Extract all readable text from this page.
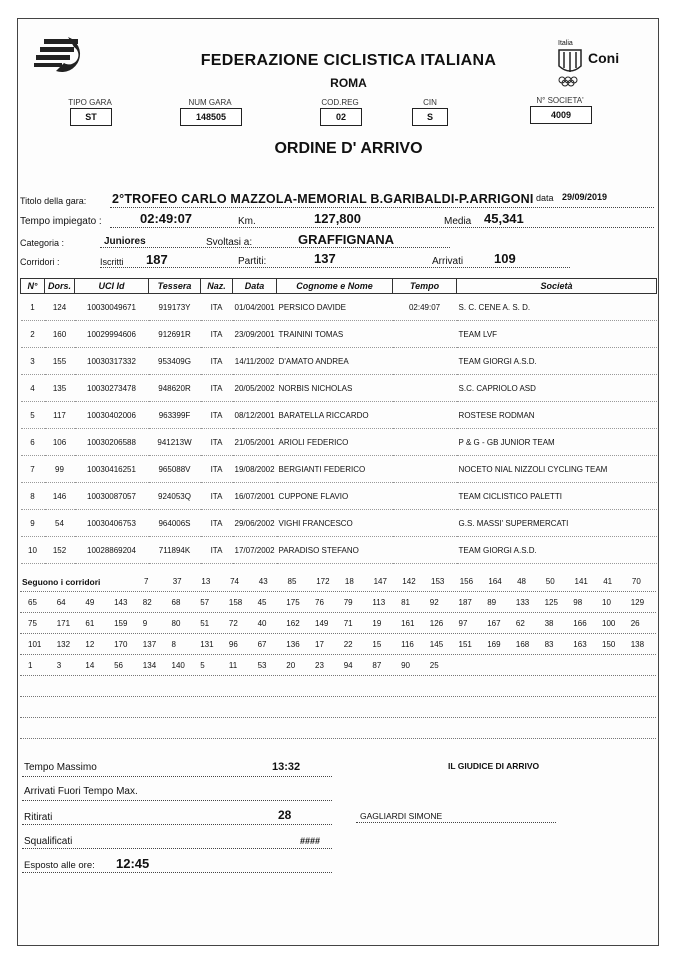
Italia
Coni
FEDERAZIONE CICLISTICA ITALIANA
ROMA
TIPO GARA
ST
NUM GARA
148505
COD.REG
02
CIN
S
N° SOCIETA'
4009
ORDINE D' ARRIVO
Titolo della gara: 2°TROFEO CARLO MAZZOLA-MEMORIAL B.GARIBALDI-P.ARRIGONI data 29/09/2019
Tempo impiegato :	02:49:07	Km.	127,800	Media 45,341
Categoria :	Juniores	Svoltasi a:	GRAFFIGNANA
Corridori :	Iscritti 187	Partiti:	137	Arrivati 109
N°	Dors.	UCI Id	Tessera	Naz.	Data	Cognome e Nome	Tempo	Società
1	124	10030049671	919173Y	ITA	01/04/2001	PERSICO DAVIDE	02:49:07	S. C. CENE A. S. D.
2	160	10029994606	912691R	ITA	23/09/2001	TRAININI TOMAS		TEAM LVF
3	155	10030317332	953409G	ITA	14/11/2002	D'AMATO ANDREA		TEAM GIORGI A.S.D.
4	135	10030273478	948620R	ITA	20/05/2002	NORBIS NICHOLAS		S.C. CAPRIOLO ASD
5	117	10030402006	963399F	ITA	08/12/2001	BARATELLA RICCARDO		ROSTESE RODMAN
6	106	10030206588	941213W	ITA	21/05/2001	ARIOLI FEDERICO		P & G - GB JUNIOR TEAM
7	99	10030416251	965088V	ITA	19/08/2002	BERGIANTI FEDERICO		NOCETO NIAL NIZZOLI CYCLING TEAM
8	146	10030087057	924053Q	ITA	16/07/2001	CUPPONE FLAVIO		TEAM CICLISTICO PALETTI
9	54	10030406753	964006S	ITA	29/06/2002	VIGHI FRANCESCO		G.S. MASSI' SUPERMERCATI
10	152	10028869204	711894K	ITA	17/07/2002	PARADISO STEFANO		TEAM GIORGI A.S.D.
Seguono i corridori	7	37 13 74 43 85 172 18 147 142 153 156 164 48 50 141 41 70
65 64 49 143 82 68 57 158 45 175 76 79 113 81 92 187 89 133 125 98 10 129
75 171 61 159 9	80 51 72 40 162 149 71 19 161 126 97 167 62 38 166 100 26
101 132 12 170 137 8	131 96 67 136 17 22 15 116 145 151 169 168 83 163 150 138
1	3	14 56 134 140 5	11	53 20 23 94 87 90 25
Tempo Massimo	13:32	IL GIUDICE DI ARRIVO
Arrivati Fuori Tempo Max.
Ritirati	28	GAGLIARDI SIMONE
Squalificati	####
Esposto alle ore: 12:45
